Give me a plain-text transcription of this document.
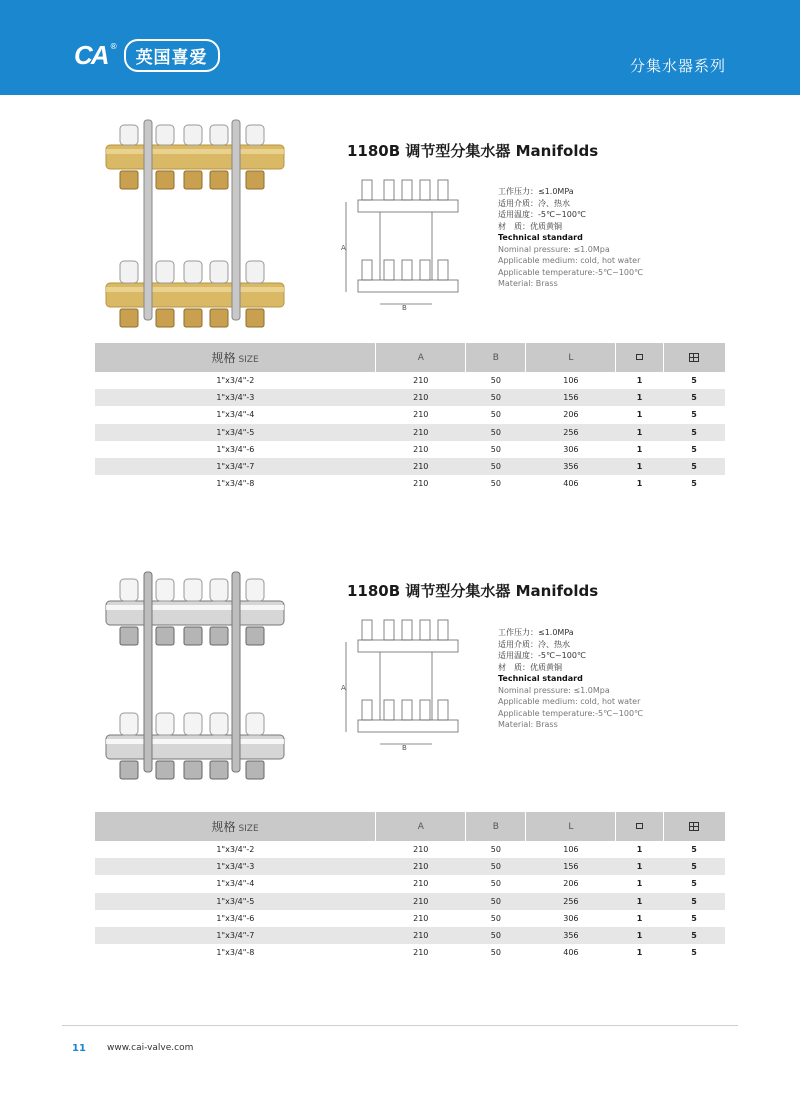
CA ®
英国喜爱	分集水器系列
1180B 调节型分集水器 Manifolds
A
B
工作压力：≤1.0MPa
适用介质：冷、热水
适用温度：-5℃~100℃
材　质：优质黄铜
Technical standard
Nominal pressure: ≤1.0Mpa
Applicable medium: cold, hot water
Applicable temperature:-5℃~100℃
Material: Brass
规格 SIZE	A	B	L		
1"x3/4"-2	210	50	106	1	5
1"x3/4"-3	210	50	156	1	5
1"x3/4"-4	210	50	206	1	5
1"x3/4"-5	210	50	256	1	5
1"x3/4"-6	210	50	306	1	5
1"x3/4"-7	210	50	356	1	5
1"x3/4"-8	210	50	406	1	5
1180B 调节型分集水器 Manifolds
A
B
工作压力：≤1.0MPa
适用介质：冷、热水
适用温度：-5℃~100℃
材　质：优质黄铜
Technical standard
Nominal pressure: ≤1.0Mpa
Applicable medium: cold, hot water
Applicable temperature:-5℃~100℃
Material: Brass
规格 SIZE	A	B	L		
1"x3/4"-2	210	50	106	1	5
1"x3/4"-3	210	50	156	1	5
1"x3/4"-4	210	50	206	1	5
1"x3/4"-5	210	50	256	1	5
1"x3/4"-6	210	50	306	1	5
1"x3/4"-7	210	50	356	1	5
1"x3/4"-8	210	50	406	1	5
11 www.cai-valve.com
